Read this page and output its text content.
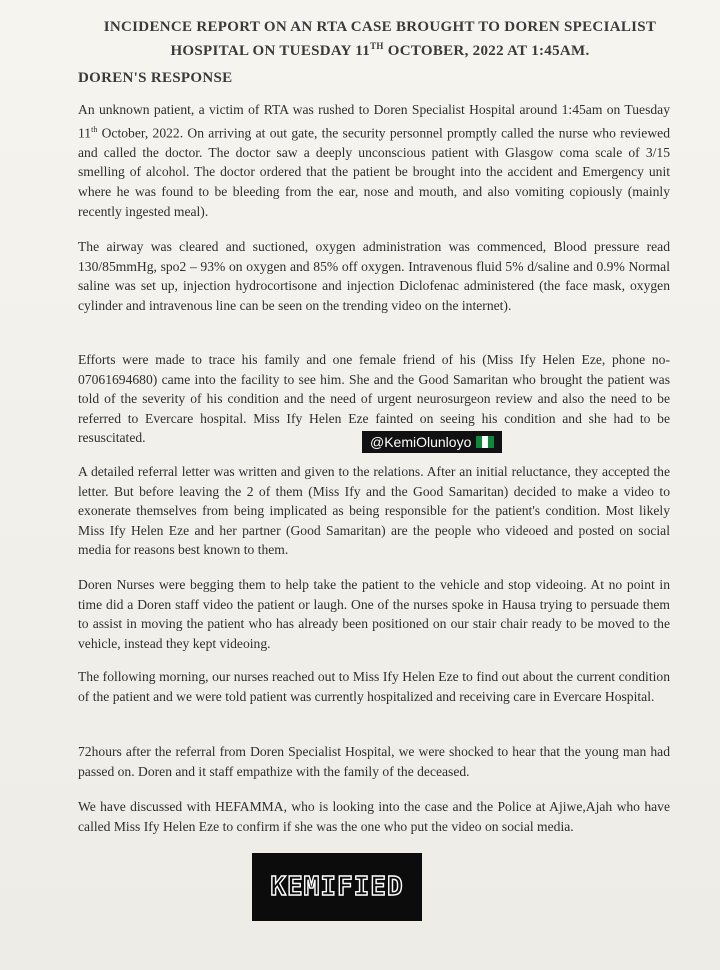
INCIDENCE REPORT ON AN RTA CASE BROUGHT TO DOREN SPECIALIST
HOSPITAL ON TUESDAY 11TH OCTOBER, 2022 AT 1:45AM.
DOREN'S RESPONSE

An unknown patient, a victim of RTA was rushed to Doren Specialist Hospital around 1:45am on Tuesday 11th October, 2022. On arriving at out gate, the security personnel promptly called the nurse who reviewed and called the doctor. The doctor saw a deeply unconscious patient with Glasgow coma scale of 3/15 smelling of alcohol. The doctor ordered that the patient be brought into the accident and Emergency unit where he was found to be bleeding from the ear, nose and mouth, and also vomiting copiously (mainly recently ingested meal).

The airway was cleared and suctioned, oxygen administration was commenced, Blood pressure read 130/85mmHg, spo2 – 93% on oxygen and 85% off oxygen. Intravenous fluid 5% d/saline and 0.9% Normal saline was set up, injection hydrocortisone and injection Diclofenac administered (the face mask, oxygen cylinder and intravenous line can be seen on the trending video on the internet).

Efforts were made to trace his family and one female friend of his (Miss Ify Helen Eze, phone no- 07061694680) came into the facility to see him. She and the Good Samaritan who brought the patient was told of the severity of his condition and the need of urgent neurosurgeon review and also the need to be referred to Evercare hospital. Miss Ify Helen Eze fainted on seeing his condition and she had to be resuscitated.	@KemiOlunloyo

A detailed referral letter was written and given to the relations. After an initial reluctance, they accepted the letter. But before leaving the 2 of them (Miss Ify and the Good Samaritan) decided to make a video to exonerate themselves from being implicated as being responsible for the patient's condition. Most likely Miss Ify Helen Eze and her partner (Good Samaritan) are the people who videoed and posted on social media for reasons best known to them.

Doren Nurses were begging them to help take the patient to the vehicle and stop videoing. At no point in time did a Doren staff video the patient or laugh. One of the nurses spoke in Hausa trying to persuade them to assist in moving the patient who has already been positioned on our stair chair ready to be moved to the vehicle, instead they kept videoing.

The following morning, our nurses reached out to Miss Ify Helen Eze to find out about the current condition of the patient and we were told patient was currently hospitalized and receiving care in Evercare Hospital.

72hours after the referral from Doren Specialist Hospital, we were shocked to hear that the young man had passed on. Doren and it staff empathize with the family of the deceased.

We have discussed with HEFAMMA, who is looking into the case and the Police at Ajiwe,Ajah who have called Miss Ify Helen Eze to confirm if she was the one who put the video on social media.

KEMIFIED
